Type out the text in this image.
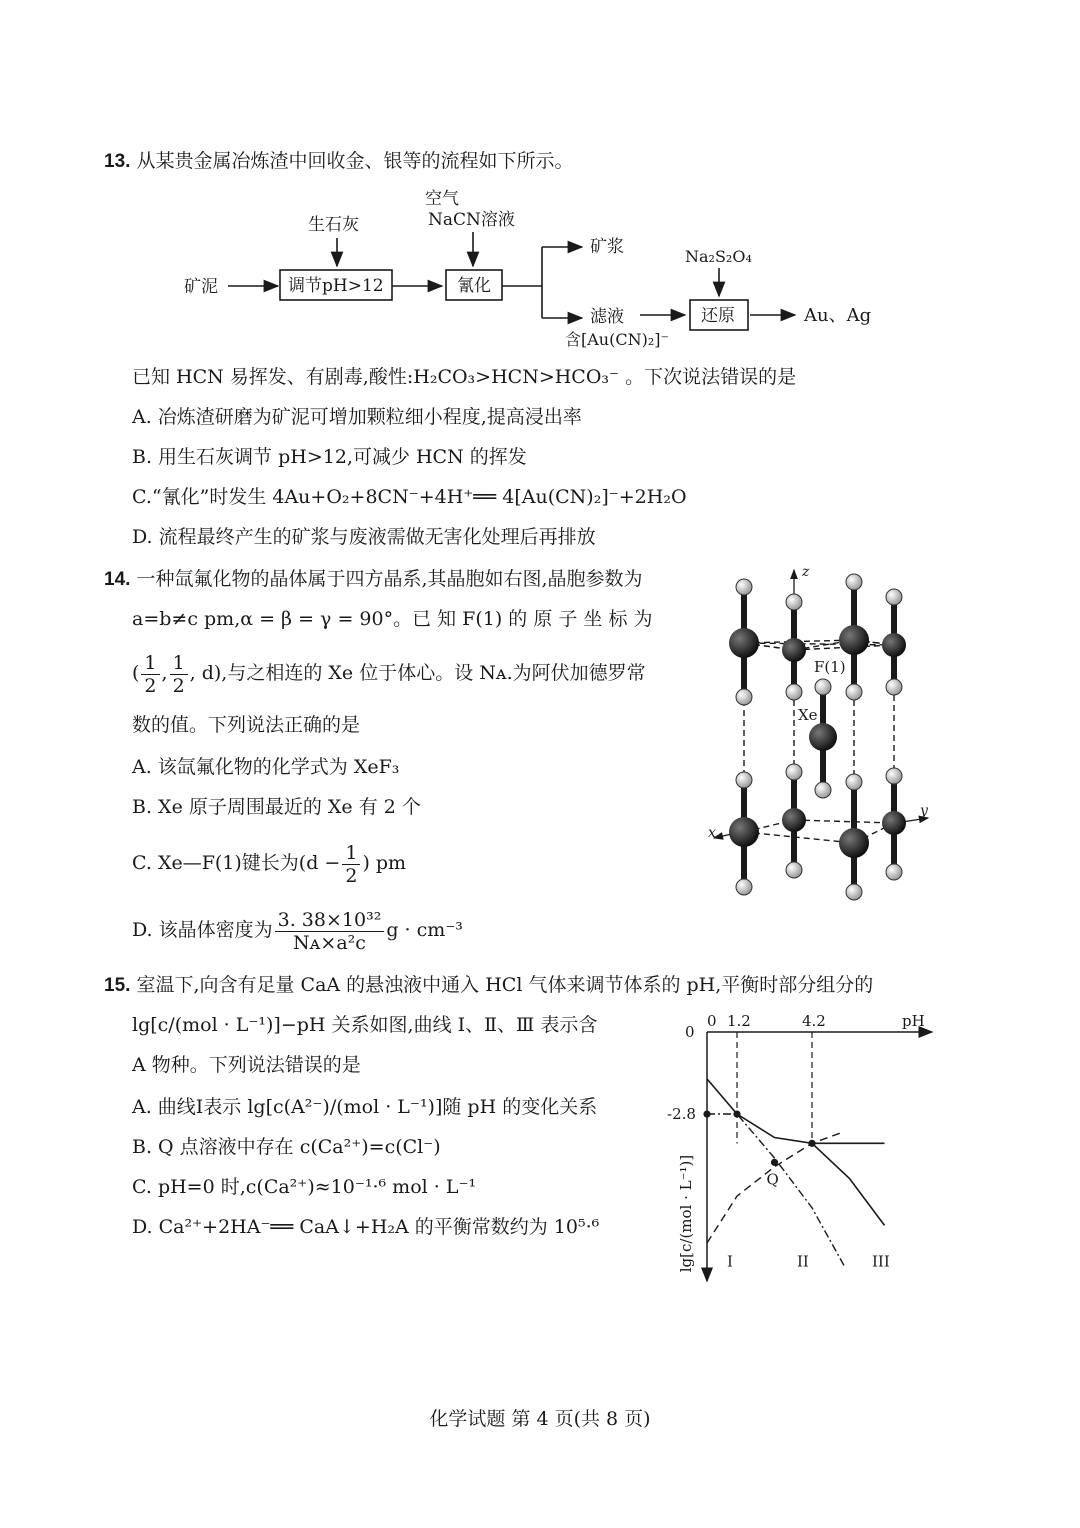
13. 从某贵金属冶炼渣中回收金、银等的流程如下所示。
矿泥
生石灰
调节pH>12
空气
NaCN溶液
氰化
矿浆
滤液
含[Au(CN)₂]⁻
Na₂S₂O₄
还原	Au、Ag
已知 HCN 易挥发、有剧毒,酸性:H₂CO₃>HCN>HCO₃⁻ 。下次说法错误的是
A. 冶炼渣研磨为矿泥可增加颗粒细小程度,提高浸出率
B. 用生石灰调节 pH>12,可减少 HCN 的挥发
C.“氰化”时发生 4Au+O₂+8CN⁻+4H⁺══ 4[Au(CN)₂]⁻+2H₂O
D. 流程最终产生的矿浆与废液需做无害化处理后再排放
14. 一种氙氟化物的晶体属于四方晶系,其晶胞如右图,晶胞参数为
a=b≠c pm,α = β = γ = 90°。已 知 F(1) 的 原 子 坐 标 为
( $\frac{1}{2}$ , $\frac{1}{2}$ , d),与之相连的 Xe 位于体心。设 Nᴀ.为阿伏加德罗常
数的值。下列说法正确的是
A. 该氙氟化物的化学式为 XeF₃
B. Xe 原子周围最近的 Xe 有 2 个
C. Xe—F(1)键长为($d - \frac{1}{2}$ ) pm
D. 该晶体密度为 $\frac{\text{3. 38×10³²}}{\text{Nᴀ×a²c}}$ g · cm⁻³
z
x
y
F(1)
Xe
15. 室温下,向含有足量 CaA 的悬浊液中通入 HCl 气体来调节体系的 pH,平衡时部分组分的
lg[c/(mol · L⁻¹)]−pH 关系如图,曲线 Ⅰ、Ⅱ、Ⅲ 表示含
A 物种。下列说法错误的是
A. 曲线Ⅰ表示 lg[c(A²⁻)/(mol · L⁻¹)]随 pH 的变化关系
B. Q 点溶液中存在 c(Ca²⁺)=c(Cl⁻)
C. pH=0 时,c(Ca²⁺)≈10⁻¹·⁶ mol · L⁻¹
D. Ca²⁺+2HA⁻══ CaA↓+H₂A 的平衡常数约为 10⁵·⁶
0 1.2	4.2
0
-2.8
pH
lg[c/(mol · L⁻¹)]	Q
I	II	III
化学试题 第 4 页(共 8 页)
